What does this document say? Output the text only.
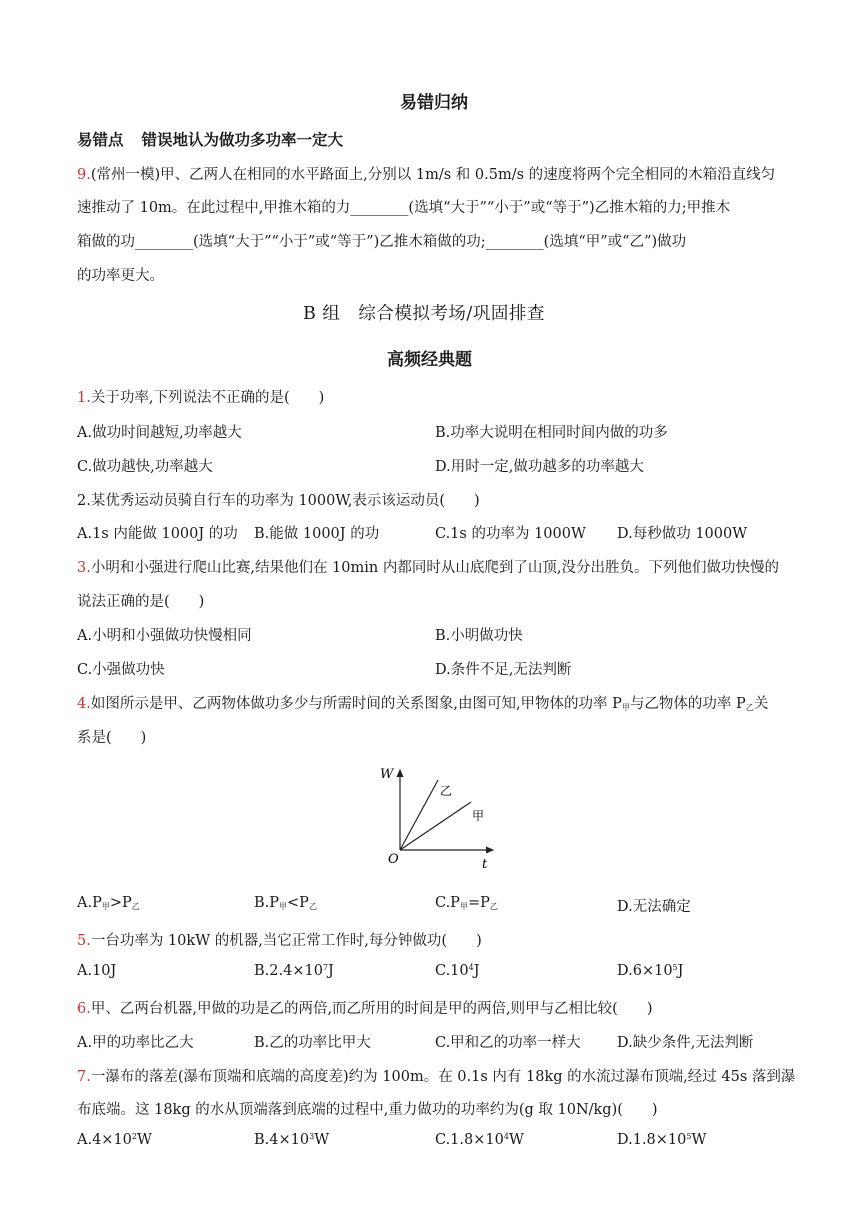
易错归纳
易错点 错误地认为做功多功率一定大
9.(常州一模)甲、乙两人在相同的水平路面上,分别以 1m/s 和 0.5m/s 的速度将两个完全相同的木箱沿直线匀
速推动了 10m。在此过程中,甲推木箱的力________(选填“大于”“小于”或“等于”)乙推木箱的力;甲推木
箱做的功________(选填“大于”“小于”或“等于”)乙推木箱做的功;________(选填“甲”或“乙”)做功
的功率更大。
B 组　综合模拟考场/巩固排查
高频经典题
1.关于功率,下列说法不正确的是(　　)
A.做功时间越短,功率越大	B.功率大说明在相同时间内做的功多
C.做功越快,功率越大	D.用时一定,做功越多的功率越大
2.某优秀运动员骑自行车的功率为 1000W,表示该运动员(　　)
A.1s 内能做 1000J 的功 B.能做 1000J 的功	C.1s 的功率为 1000W D.每秒做功 1000W
3.小明和小强进行爬山比赛,结果他们在 10min 内都同时从山底爬到了山顶,没分出胜负。下列他们做功快慢的
说法正确的是(　　)
A.小明和小强做功快慢相同	B.小明做功快
C.小强做功快	D.条件不足,无法判断
4.如图所示是甲、乙两物体做功多少与所需时间的关系图象,由图可知,甲物体的功率 $P_甲$与乙物体的功率 $P_乙$关
系是(　　)
W
t
O
乙
甲
$A.P_甲>P_乙$	$B.P_甲<P_乙$	$C.P_甲=P_乙$	D.无法确定
5.一台功率为 10kW 的机器,当它正常工作时,每分钟做功(　　)
A.10J	$B.2.4\times 10^7J$	$C.10^4J$	$D.6\times 10^5J$
6.甲、乙两台机器,甲做的功是乙的两倍,而乙所用的时间是甲的两倍,则甲与乙相比较(　　)
A.甲的功率比乙大	B.乙的功率比甲大	C.甲和乙的功率一样大	D.缺少条件,无法判断
7.一瀑布的落差(瀑布顶端和底端的高度差)约为 100m。在 0.1s 内有 18kg 的水流过瀑布顶端,经过 45s 落到瀑
布底端。这 18kg 的水从顶端落到底端的过程中,重力做功的功率约为(g 取 10N/kg)(　　)
$A.4\times 10^2W$	$B.4\times 10^3W$	$C.1.8\times 10^4W$	$D.1.8\times 10^5W$
